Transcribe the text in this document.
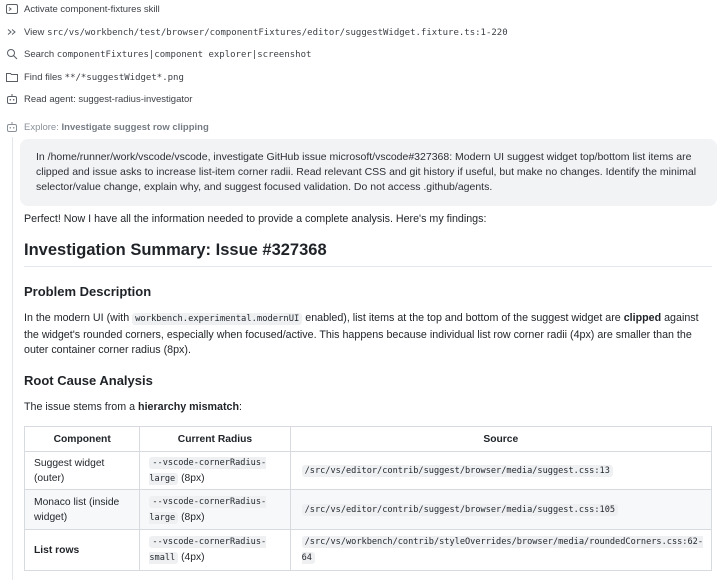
Activate component-fixtures skill
View src/vs/workbench/test/browser/componentFixtures/editor/suggestWidget.fixture.ts:1-220
Search componentFixtures|component explorer|screenshot
Find files **/*suggestWidget*.png
Read agent: suggest-radius-investigator
Explore: Investigate suggest row clipping
In /home/runner/work/vscode/vscode, investigate GitHub issue microsoft/vscode#327368: Modern UI suggest widget top/bottom list items are clipped and issue asks to increase list-item corner radii. Read relevant CSS and git history if useful, but make no changes. Identify the minimal selector/value change, explain why, and suggest focused validation. Do not access .github/agents.
Perfect! Now I have all the information needed to provide a complete analysis. Here's my findings:
Investigation Summary: Issue #327368
Problem Description
In the modern UI (with workbench.experimental.modernUI enabled), list items at the top and bottom of the suggest widget are clipped against the widget's rounded corners, especially when focused/active. This happens because individual list row corner radii (4px) are smaller than the outer container corner radius (8px).
Root Cause Analysis
The issue stems from a hierarchy mismatch:
Component	Current Radius	Source
Suggest widget (outer)	--vscode-cornerRadius-large (8px)	/src/vs/editor/contrib/suggest/browser/media/suggest.css:13
Monaco list (inside widget)	--vscode-cornerRadius-large (8px)	/src/vs/editor/contrib/suggest/browser/media/suggest.css:105
List rows	--vscode-cornerRadius-small (4px)	/src/vs/workbench/contrib/styleOverrides/browser/media/roundedCorners.css:62-64
